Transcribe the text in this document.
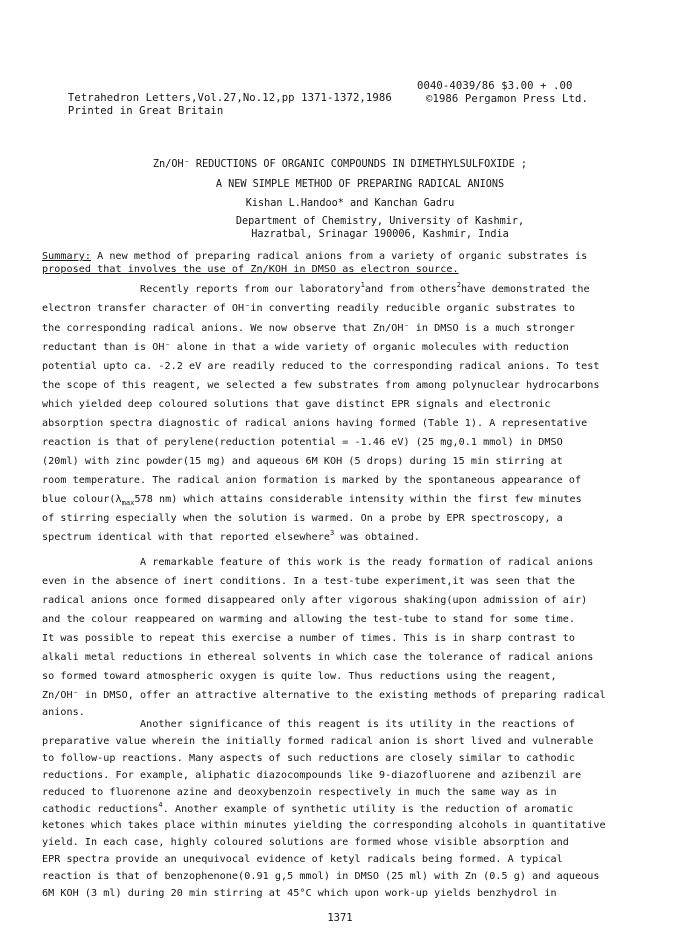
Tetrahedron Letters,Vol.27,No.12,pp 1371-1372,1986

0040-4039/86 $3.00 + .00

Printed in Great Britain

©1986 Pergamon Press Ltd.

Zn/OH⁻ REDUCTIONS OF ORGANIC COMPOUNDS IN DIMETHYLSULFOXIDE ;
A NEW SIMPLE METHOD OF PREPARING RADICAL ANIONS
Kishan L.Handoo* and Kanchan Gadru
Department of Chemistry, University of Kashmir,
Hazratbal, Srinagar 190006, Kashmir, India
Summary: A new method of preparing radical anions from a variety of organic substrates is
proposed that involves the use of Zn/KOH in DMSO as electron source.
Recently reports from our laboratory$^1$and from others$^2$have demonstrated the
electron transfer character of OH⁻in converting readily reducible organic substrates to
the corresponding radical anions. We now observe that Zn/OH⁻ in DMSO is a much stronger
reductant than is OH⁻ alone in that a wide variety of organic molecules with reduction
potential upto ca. -2.2 eV are readily reduced to the corresponding radical anions. To test
the scope of this reagent, we selected a few substrates from among polynuclear hydrocarbons
which yielded deep coloured solutions that gave distinct EPR signals and electronic
absorption spectra diagnostic of radical anions having formed (Table 1). A representative
reaction is that of perylene(reduction potential = -1.46 eV) (25 mg,0.1 mmol) in DMSO
(20ml) with zinc powder(15 mg) and aqueous 6M KOH (5 drops) during 15 min stirring at
room temperature. The radical anion formation is marked by the spontaneous appearance of
blue $colour(\lambda_{max}578$ nm) which attains considerable intensity within the first few minutes
of stirring especially when the solution is warmed. On a probe by EPR spectroscopy, a
spectrum identical with that reported elsewhere$^3$ was obtained.
A remarkable feature of this work is the ready formation of radical anions
even in the absence of inert conditions. In a test-tube experiment,it was seen that the
radical anions once formed disappeared only after vigorous shaking(upon admission of air)
and the colour reappeared on warming and allowing the test-tube to stand for some time.
It was possible to repeat this exercise a number of times. This is in sharp contrast to
alkali metal reductions in ethereal solvents in which case the tolerance of radical anions
so formed toward atmospheric oxygen is quite low. Thus reductions using the reagent,
Zn/OH⁻ in DMSO, offer an attractive alternative to the existing methods of preparing radical
anions.
Another significance of this reagent is its utility in the reactions of
preparative value wherein the initially formed radical anion is short lived and vulnerable
to follow-up reactions. Many aspects of such reductions are closely similar to cathodic
reductions. For example, aliphatic diazocompounds like 9-diazofluorene and azibenzil are
reduced to fluorenone azine and deoxybenzoin respectively in much the same way as in
cathodic reductions$^4$. Another example of synthetic utility is the reduction of aromatic
ketones which takes place within minutes yielding the corresponding alcohols in quantitative
yield. In each case, highly coloured solutions are formed whose visible absorption and
EPR spectra provide an unequivocal evidence of ketyl radicals being formed. A typical
reaction is that of benzophenone(0.91 g,5 mmol) in DMSO (25 ml) with Zn (0.5 g) and aqueous
6M KOH (3 ml) during 20 min stirring at 45°C which upon work-up yields benzhydrol in
1371
